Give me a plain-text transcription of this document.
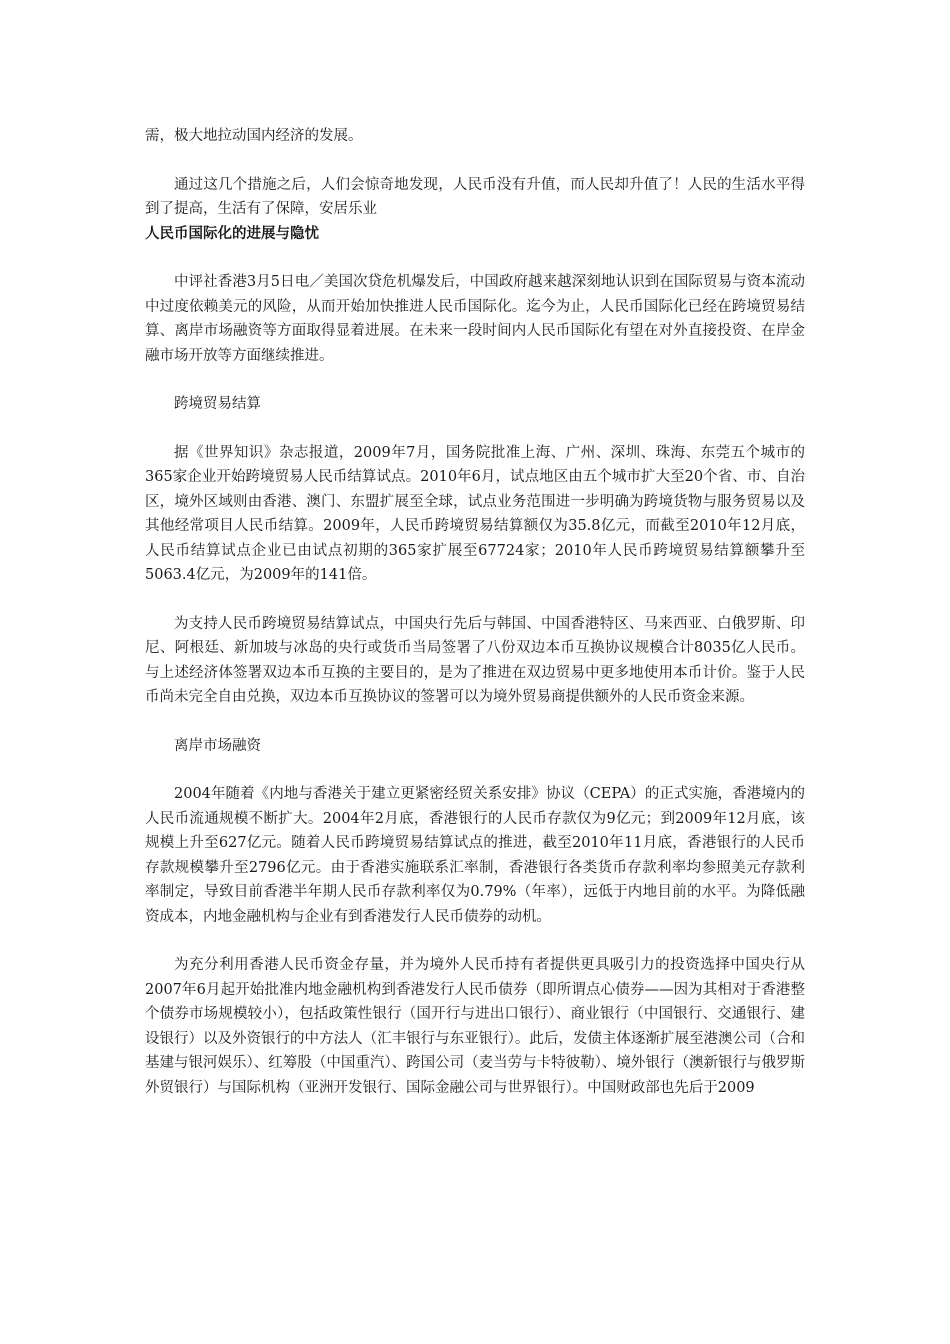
需，极大地拉动国内经济的发展。

通过这几个措施之后，人们会惊奇地发现，人民币没有升值，而人民却升值了！人民的生活水平得到了提高，生活有了保障，安居乐业

人民币国际化的进展与隐忧

中评社香港3月5日电／美国次贷危机爆发后，中国政府越来越深刻地认识到在国际贸易与资本流动中过度依赖美元的风险，从而开始加快推进人民币国际化。迄今为止，人民币国际化已经在跨境贸易结算、离岸市场融资等方面取得显着进展。在未来一段时间内人民币国际化有望在对外直接投资、在岸金融市场开放等方面继续推进。

跨境贸易结算

据《世界知识》杂志报道，2009年7月，国务院批准上海、广州、深圳、珠海、东莞五个城市的365家企业开始跨境贸易人民币结算试点。2010年6月，试点地区由五个城市扩大至20个省、市、自治区，境外区域则由香港、澳门、东盟扩展至全球，试点业务范围进一步明确为跨境货物与服务贸易以及其他经常项目人民币结算。2009年，人民币跨境贸易结算额仅为35.8亿元，而截至2010年12月底，人民币结算试点企业已由试点初期的365家扩展至67724家；2010年人民币跨境贸易结算额攀升至5063.4亿元，为2009年的141倍。

为支持人民币跨境贸易结算试点，中国央行先后与韩国、中国香港特区、马来西亚、白俄罗斯、印尼、阿根廷、新加坡与冰岛的央行或货币当局签署了八份双边本币互换协议规模合计8035亿人民币。与上述经济体签署双边本币互换的主要目的，是为了推进在双边贸易中更多地使用本币计价。鉴于人民币尚未完全自由兑换，双边本币互换协议的签署可以为境外贸易商提供额外的人民币资金来源。

离岸市场融资

2004年随着《内地与香港关于建立更紧密经贸关系安排》协议（CEPA）的正式实施，香港境内的人民币流通规模不断扩大。2004年2月底，香港银行的人民币存款仅为9亿元；到2009年12月底，该规模上升至627亿元。随着人民币跨境贸易结算试点的推进，截至2010年11月底，香港银行的人民币存款规模攀升至2796亿元。由于香港实施联系汇率制，香港银行各类货币存款利率均参照美元存款利率制定，导致目前香港半年期人民币存款利率仅为0.79%（年率），远低于内地目前的水平。为降低融资成本，内地金融机构与企业有到香港发行人民币债券的动机。

为充分利用香港人民币资金存量，并为境外人民币持有者提供更具吸引力的投资选择中国央行从2007年6月起开始批准内地金融机构到香港发行人民币债券（即所谓点心债券——因为其相对于香港整个债券市场规模较小），包括政策性银行（国开行与进出口银行）、商业银行（中国银行、交通银行、建设银行）以及外资银行的中方法人（汇丰银行与东亚银行）。此后，发债主体逐渐扩展至港澳公司（合和基建与银河娱乐）、红筹股（中国重汽）、跨国公司（麦当劳与卡特彼勒）、境外银行（澳新银行与俄罗斯外贸银行）与国际机构（亚洲开发银行、国际金融公司与世界银行）。中国财政部也先后于2009
